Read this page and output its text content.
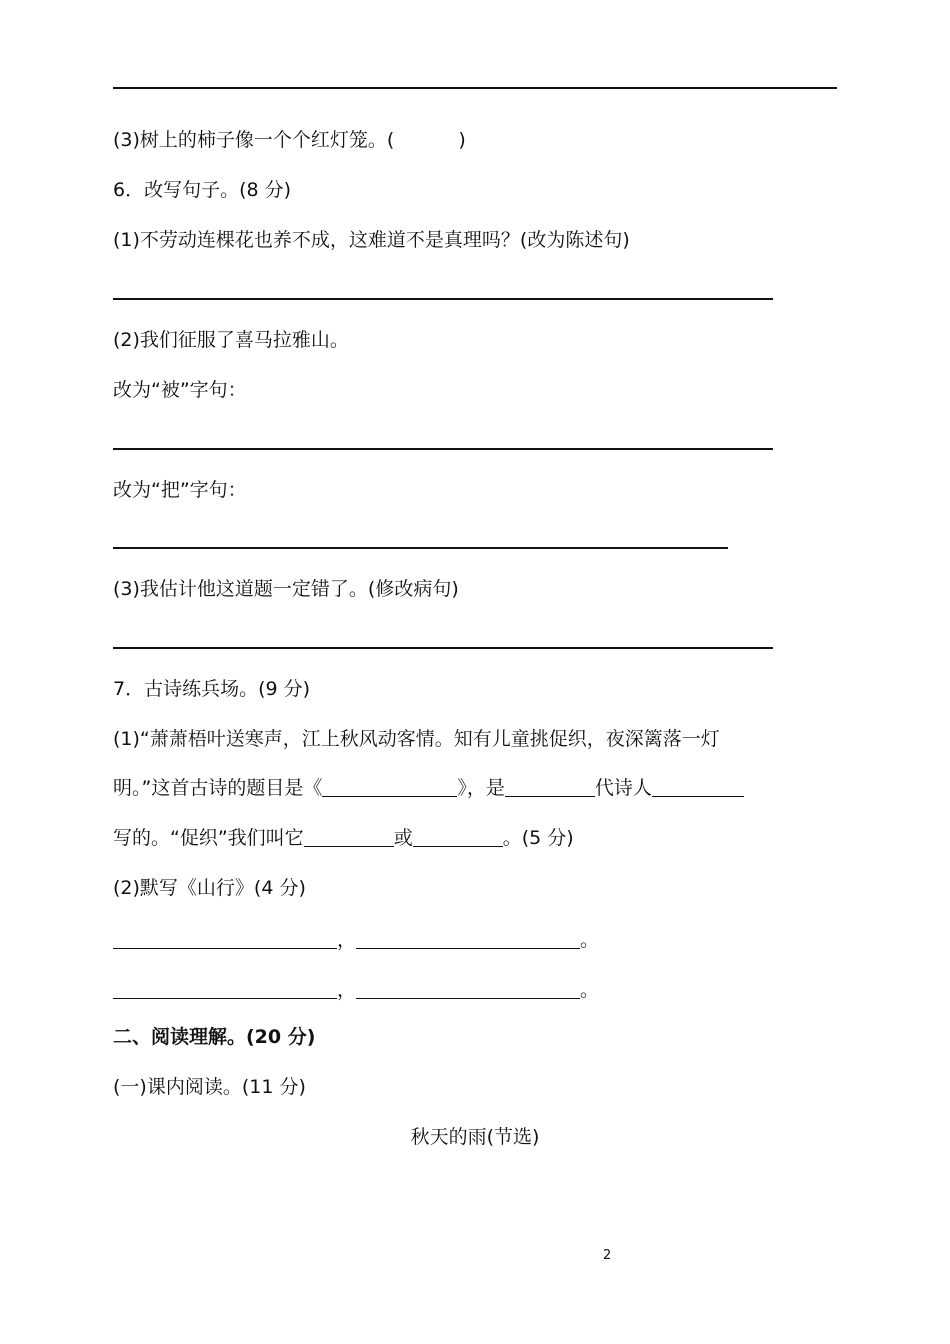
(3)树上的柿子像一个个红灯笼。(	)
6．改写句子。(8 分)
(1)不劳动连棵花也养不成，这难道不是真理吗？(改为陈述句)
(2)我们征服了喜马拉雅山。
改为“被”字句：
改为“把”字句：
(3)我估计他这道题一定错了。(修改病句)
7．古诗练兵场。(9 分)
(1)“萧萧梧叶送寒声，江上秋风动客情。知有儿童挑促织，夜深篱落一灯
明。”这首古诗的题目是《	》，是	代诗人
写的。“促织”我们叫它	或	。(5 分)
(2)默写《山行》(4 分)
，	。
，	。
二、阅读理解。(20 分)
(一)课内阅读。(11 分)
秋天的雨(节选)
2
